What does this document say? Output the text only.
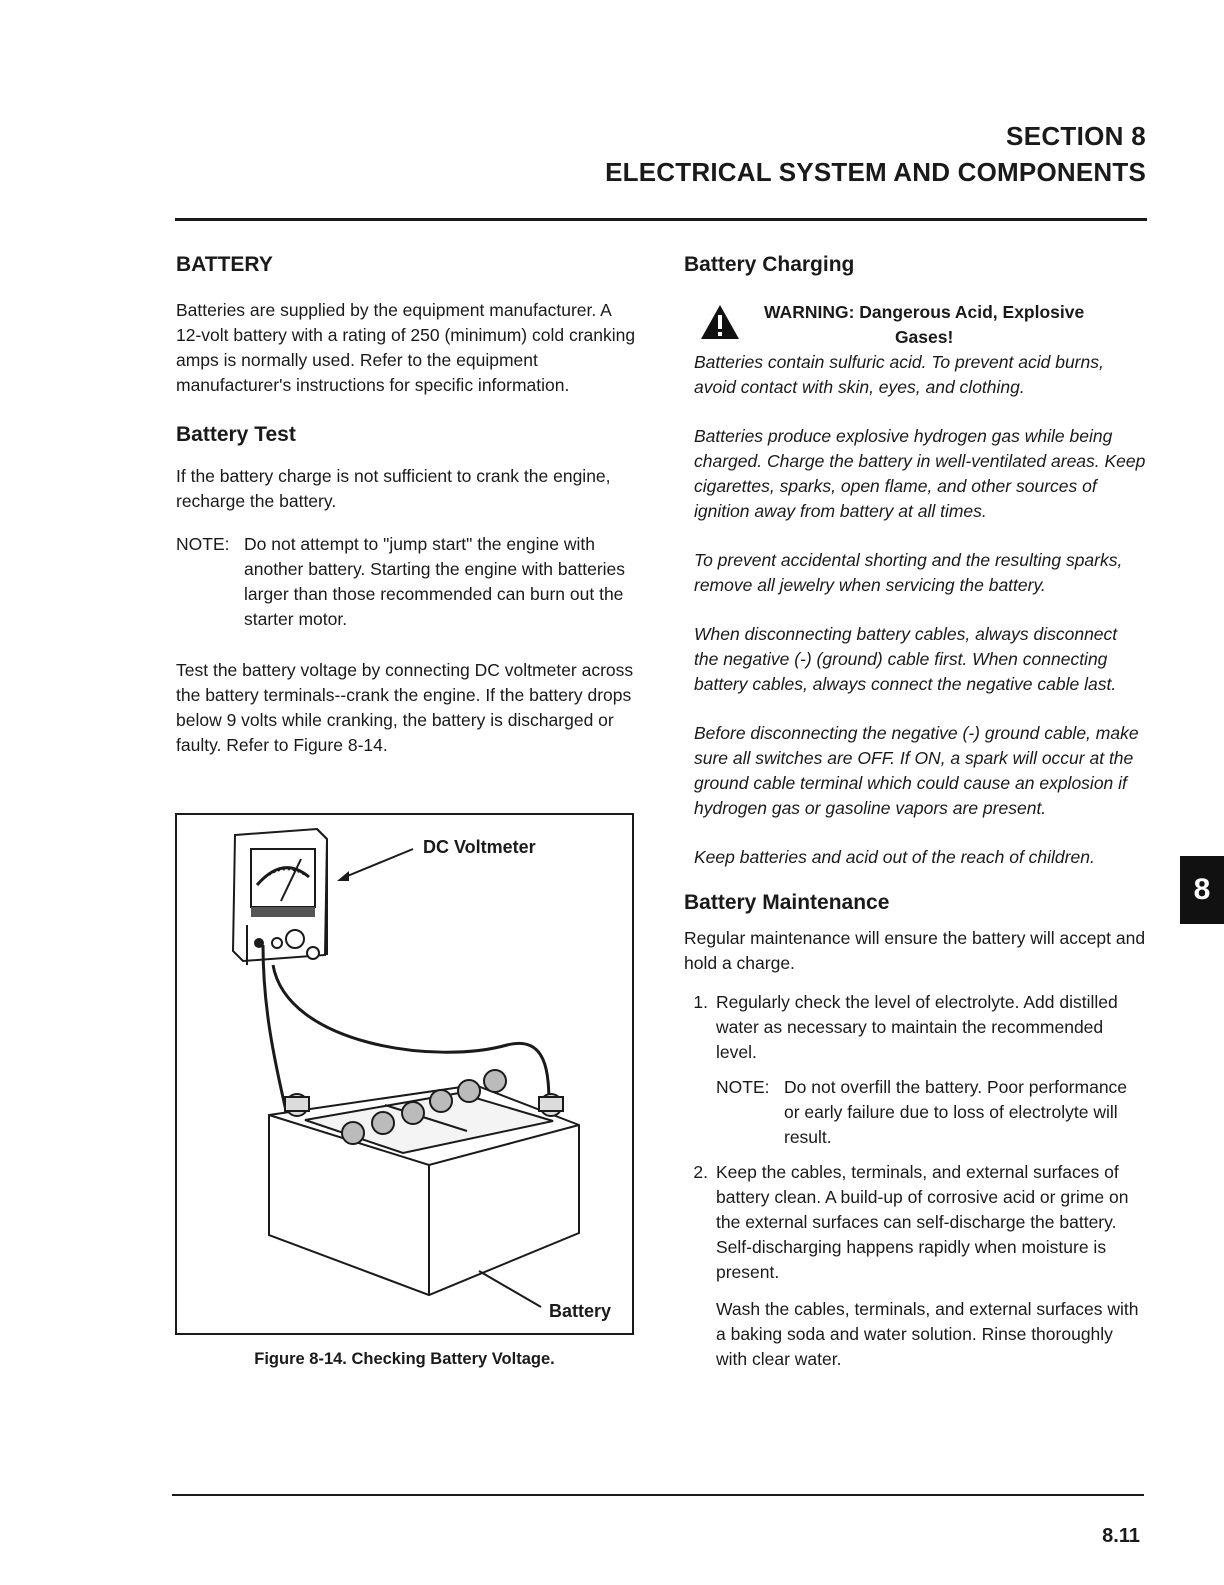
SECTION 8
ELECTRICAL SYSTEM AND COMPONENTS
BATTERY

Batteries are supplied by the equipment manufacturer. A 12-volt battery with a rating of 250 (minimum) cold cranking amps is normally used. Refer to the equipment manufacturer's instructions for specific information.

Battery Test

If the battery charge is not sufficient to crank the engine, recharge the battery.

NOTE: Do not attempt to "jump start" the engine with another battery. Starting the engine with batteries larger than those recommended can burn out the starter motor.

Test the battery voltage by connecting DC voltmeter across the battery terminals--crank the engine. If the battery drops below 9 volts while cranking, the battery is discharged or faulty. Refer to Figure 8-14.

DC Voltmeter
Battery
Figure 8-14. Checking Battery Voltage.
Battery Charging
WARNING: Dangerous Acid, Explosive
Gases!

Batteries contain sulfuric acid. To prevent acid burns, avoid contact with skin, eyes, and clothing.

Batteries produce explosive hydrogen gas while being charged. Charge the battery in well-ventilated areas. Keep cigarettes, sparks, open flame, and other sources of ignition away from battery at all times.

To prevent accidental shorting and the resulting sparks, remove all jewelry when servicing the battery.

When disconnecting battery cables, always disconnect the negative (-) (ground) cable first. When connecting battery cables, always connect the negative cable last.

Before disconnecting the negative (-) ground cable, make sure all switches are OFF. If ON, a spark will occur at the ground cable terminal which could cause an explosion if hydrogen gas or gasoline vapors are present.

Keep batteries and acid out of the reach of children.

Battery Maintenance

Regular maintenance will ensure the battery will accept and hold a charge.

1. Regularly check the level of electrolyte. Add distilled water as necessary to maintain the recommended level.
NOTE: Do not overfill the battery. Poor performance or early failure due to loss of electrolyte will result.
2. Keep the cables, terminals, and external surfaces of battery clean. A build-up of corrosive acid or grime on the external surfaces can self-discharge the battery. Self-discharging happens rapidly when moisture is present.
Wash the cables, terminals, and external surfaces with a baking soda and water solution. Rinse thoroughly with clear water.
8
8.11
